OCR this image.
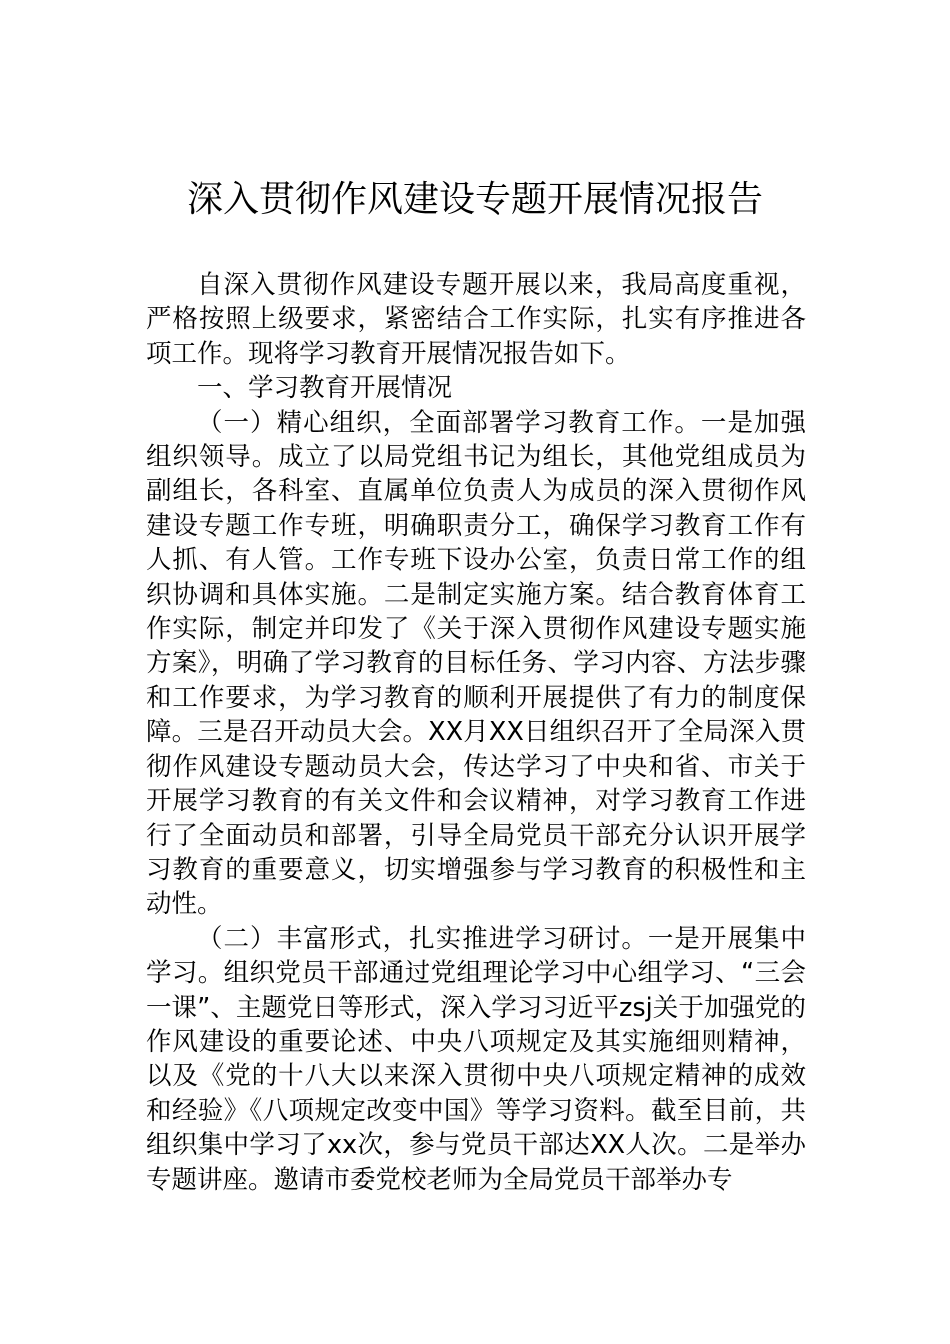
深入贯彻作风建设专题开展情况报告

自深入贯彻作风建设专题开展以来，我局高度重视，严格按照上级要求，紧密结合工作实际，扎实有序推进各项工作。现将学习教育开展情况报告如下。

一、学习教育开展情况

（一）精心组织，全面部署学习教育工作。一是加强组织领导。成立了以局党组书记为组长，其他党组成员为副组长，各科室、直属单位负责人为成员的深入贯彻作风建设专题工作专班，明确职责分工，确保学习教育工作有人抓、有人管。工作专班下设办公室，负责日常工作的组织协调和具体实施。二是制定实施方案。结合教育体育工作实际，制定并印发了《关于深入贯彻作风建设专题实施方案》，明确了学习教育的目标任务、学习内容、方法步骤和工作要求，为学习教育的顺利开展提供了有力的制度保障。三是召开动员大会。XX月XX日组织召开了全局深入贯彻作风建设专题动员大会，传达学习了中央和省、市关于开展学习教育的有关文件和会议精神，对学习教育工作进行了全面动员和部署，引导全局党员干部充分认识开展学习教育的重要意义，切实增强参与学习教育的积极性和主动性。

（二）丰富形式，扎实推进学习研讨。一是开展集中学习。组织党员干部通过党组理论学习中心组学习、“三会一课”、主题党日等形式，深入学习习近平zsj关于加强党的作风建设的重要论述、中央八项规定及其实施细则精神，以及《党的十八大以来深入贯彻中央八项规定精神的成效和经验》《八项规定改变中国》等学习资料。截至目前，共组织集中学习了xx次，参与党员干部达XX人次。二是举办专题讲座。邀请市委党校老师为全局党员干部举办专
